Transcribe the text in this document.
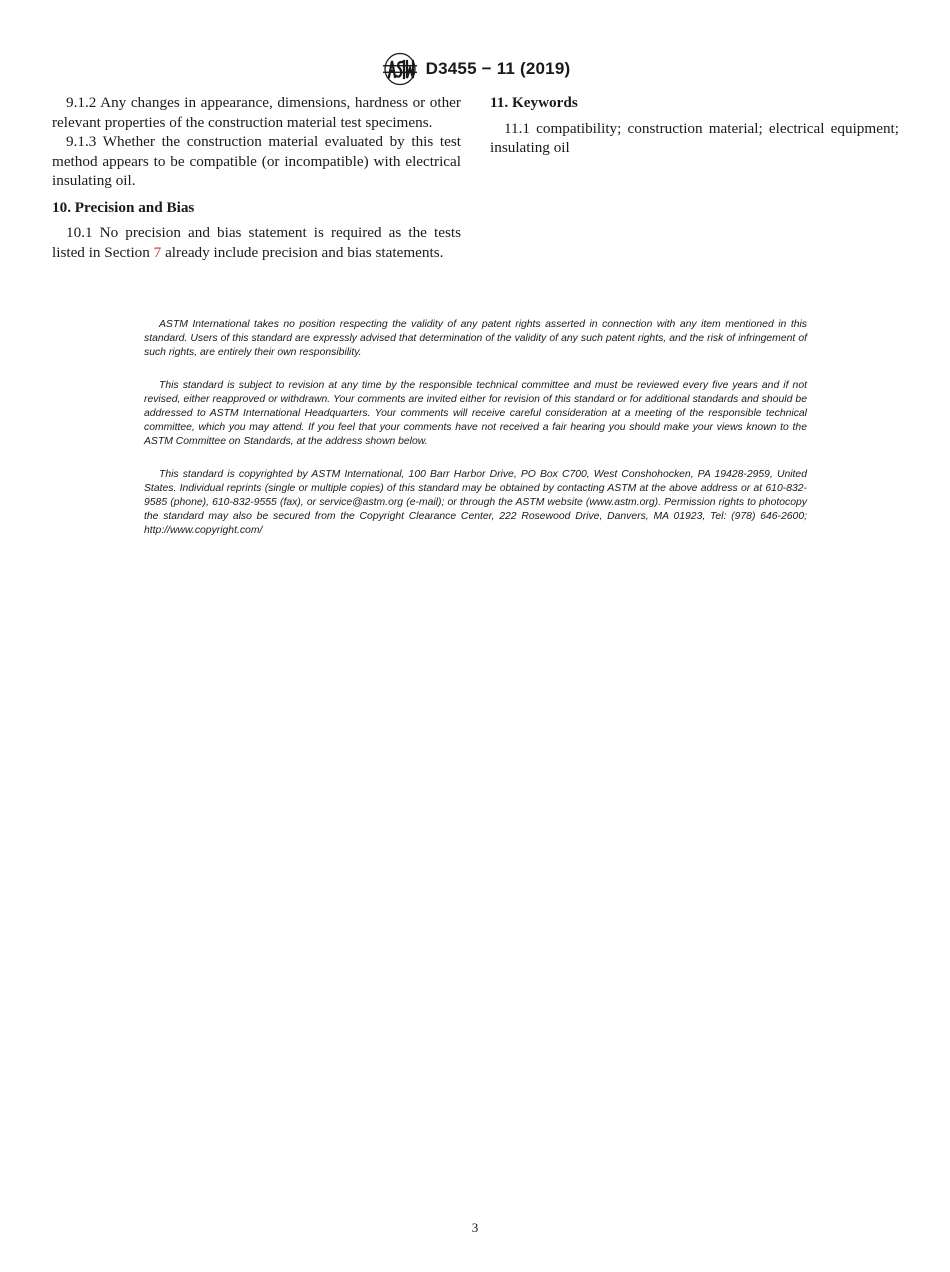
D3455 − 11 (2019)

9.1.2 Any changes in appearance, dimensions, hardness or other relevant properties of the construction material test specimens.

9.1.3 Whether the construction material evaluated by this test method appears to be compatible (or incompatible) with electrical insulating oil.

10. Precision and Bias

10.1 No precision and bias statement is required as the tests listed in Section 7 already include precision and bias statements.

11. Keywords

11.1 compatibility; construction material; electrical equipment; insulating oil

ASTM International takes no position respecting the validity of any patent rights asserted in connection with any item mentioned in this standard. Users of this standard are expressly advised that determination of the validity of any such patent rights, and the risk of infringement of such rights, are entirely their own responsibility.

This standard is subject to revision at any time by the responsible technical committee and must be reviewed every five years and if not revised, either reapproved or withdrawn. Your comments are invited either for revision of this standard or for additional standards and should be addressed to ASTM International Headquarters. Your comments will receive careful consideration at a meeting of the responsible technical committee, which you may attend. If you feel that your comments have not received a fair hearing you should make your views known to the ASTM Committee on Standards, at the address shown below.

This standard is copyrighted by ASTM International, 100 Barr Harbor Drive, PO Box C700, West Conshohocken, PA 19428-2959, United States. Individual reprints (single or multiple copies) of this standard may be obtained by contacting ASTM at the above address or at 610-832-9585 (phone), 610-832-9555 (fax), or service@astm.org (e-mail); or through the ASTM website (www.astm.org). Permission rights to photocopy the standard may also be secured from the Copyright Clearance Center, 222 Rosewood Drive, Danvers, MA 01923, Tel: (978) 646-2600; http://www.copyright.com/

3
